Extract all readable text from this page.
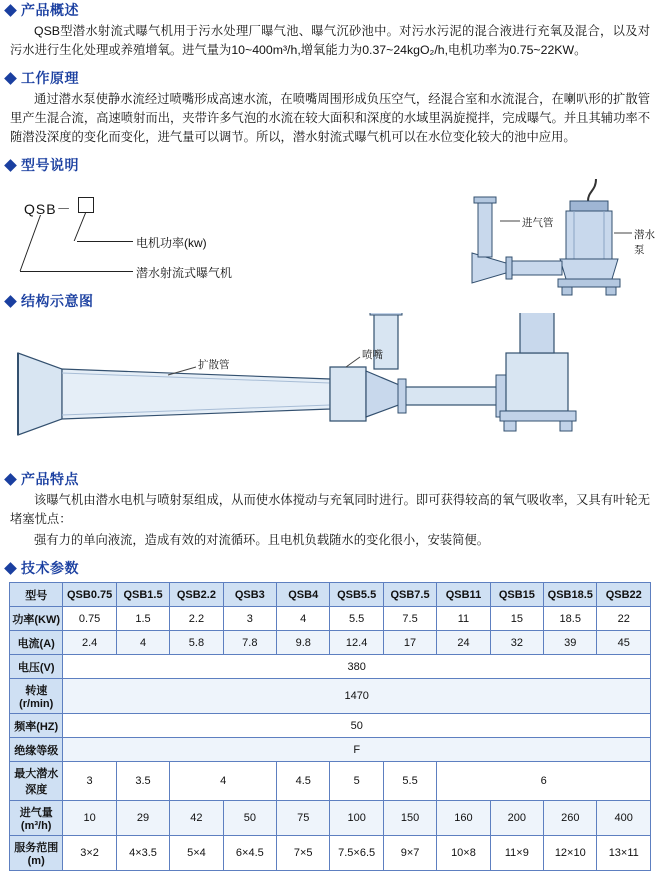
产品概述
QSB型潜水射流式曝气机用于污水处理厂曝气池、曝气沉砂池中。对污水污泥的混合液进行充氧及混合，以及对污水进行生化处理或养殖增氧。进气量为10~400m³/h,增氧能力为0.37~24kgO₂/h,电机功率为0.75~22KW。
工作原理
通过潜水泵使静水流经过喷嘴形成高速水流，在喷嘴周围形成负压空气，经混合室和水流混合，在喇叭形的扩散管里产生混合流，高速喷射而出，夹带许多气泡的水流在较大面积和深度的水域里涡旋搅拌，完成曝气。并且其辅功率不随潜没深度的变化而变化，进气量可以调节。所以，潜水射流式曝气机可以在水位变化较大的池中应用。
型号说明
QSB－
电机功率(kw)
潜水射流式曝气机
进气管
潜水泵
结构示意图
扩散管
喷嘴
产品特点
该曝气机由潜水电机与喷射泵组成，从而使水体搅动与充氧同时进行。即可获得较高的氧气吸收率，又具有叶轮无堵塞忧点：
强有力的单向液流，造成有效的对流循环。且电机负载随水的变化很小，安装简便。
技术参数
型号	QSB0.75	QSB1.5	QSB2.2	QSB3	QSB4	QSB5.5	QSB7.5	QSB11	QSB15	QSB18.5	QSB22
功率(KW)	0.75	1.5	2.2	3	4	5.5	7.5	11	15	18.5	22
电流(A)	2.4	4	5.8	7.8	9.8	12.4	17	24	32	39	45
电压(V)	380										
转速(r/min)	1470										
频率(HZ)	50										
绝缘等级	F										
最大潜水深度	3	3.5	4		4.5	5	5.5	6			
进气量(m³/h)	10	29	42	50	75	100	150	160	200	260	400
服务范围(m)	3×2	4×3.5	5×4	6×4.5	7×5	7.5×6.5	9×7	10×8	11×9	12×10	13×11
